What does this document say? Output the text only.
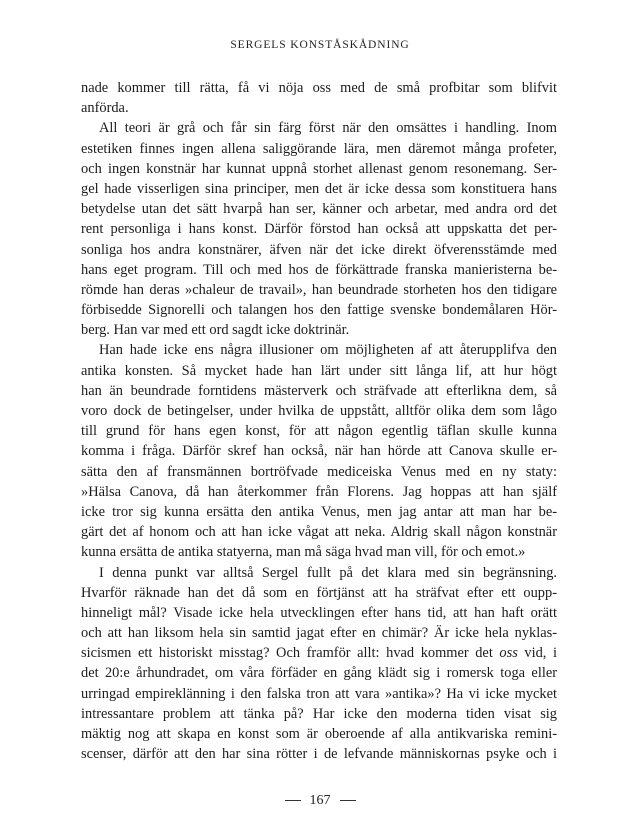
SERGELS KONSTÅSKÅDNING
nade kommer till rätta, få vi nöja oss med de små profbitar som blifvit
anförda.
All teori är grå och får sin färg först när den omsättes i handling. Inom
estetiken finnes ingen allena saliggörande lära, men däremot många profeter,
och ingen konstnär har kunnat uppnå storhet allenast genom resonemang. Ser-
gel hade visserligen sina principer, men det är icke dessa som konstituera hans
betydelse utan det sätt hvarpå han ser, känner och arbetar, med andra ord det
rent personliga i hans konst. Därför förstod han också att uppskatta det per-
sonliga hos andra konstnärer, äfven när det icke direkt öfverensstämde med
hans eget program. Till och med hos de förkättrade franska manieristerna be-
römde han deras »chaleur de travail», han beundrade storheten hos den tidigare
förbisedde Signorelli och talangen hos den fattige svenske bondemålaren Hör-
berg. Han var med ett ord sagdt icke doktrinär.
Han hade icke ens några illusioner om möjligheten af att återupplifva den
antika konsten. Så mycket hade han lärt under sitt långa lif, att hur högt
han än beundrade forntidens mästerverk och sträfvade att efterlikna dem, så
voro dock de betingelser, under hvilka de uppstått, alltför olika dem som lågo
till grund för hans egen konst, för att någon egentlig täflan skulle kunna
komma i fråga. Därför skref han också, när han hörde att Canova skulle er-
sätta den af fransmännen bortröfvade mediceiska Venus med en ny staty:
»Hälsa Canova, då han återkommer från Florens. Jag hoppas att han själf
icke tror sig kunna ersätta den antika Venus, men jag antar att man har be-
gärt det af honom och att han icke vågat att neka. Aldrig skall någon konstnär
kunna ersätta de antika statyerna, man må säga hvad man vill, för och emot.»
I denna punkt var alltså Sergel fullt på det klara med sin begränsning.
Hvarför räknade han det då som en förtjänst att ha sträfvat efter ett oupp-
hinneligt mål? Visade icke hela utvecklingen efter hans tid, att han haft orätt
och att han liksom hela sin samtid jagat efter en chimär? Är icke hela nyklas-
sicismen ett historiskt misstag? Och framför allt: hvad kommer det oss vid, i
det 20:e århundradet, om våra förfäder en gång klädt sig i romersk toga eller
urringad empireklänning i den falska tron att vara »antika»? Ha vi icke mycket
intressantare problem att tänka på? Har icke den moderna tiden visat sig
mäktig nog att skapa en konst som är oberoende af alla antikvariska remini-
scenser, därför att den har sina rötter i de lefvande människornas psyke och i
167
